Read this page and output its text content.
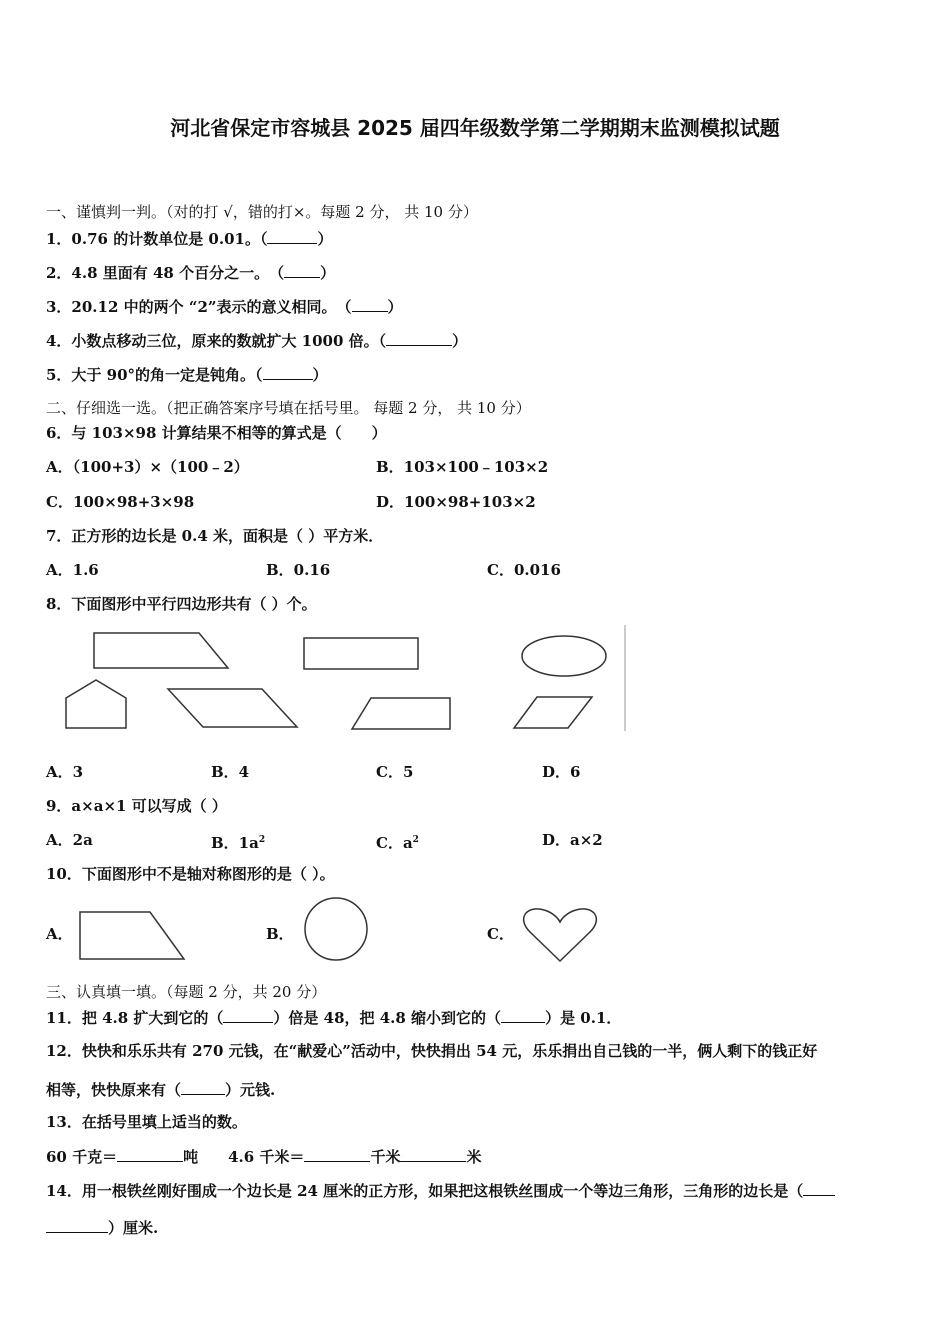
河北省保定市容城县 2025 届四年级数学第二学期期末监测模拟试题
一、谨慎判一判。（对的打 √，错的打×。每题 2 分， 共 10 分）
1．0.76 的计数单位是 0.01。（	）
2．4.8 里面有 48 个百分之一。　（ ）
3．20.12 中的两个 “2”表示的意义相同。　（ ）
4．小数点移动三位，原来的数就扩大 1000 倍。（	）
5．大于 90°的角一定是钝角。（	）
二、仔细选一选。（把正确答案序号填在括号里。 每题 2 分， 共 10 分）
6．与 103×98 计算结果不相等的算式是（　　）
A．（100+3）×（100﹣2）	B．103×100﹣103×2
C．100×98+3×98	D．100×98+103×2
7．正方形的边长是 0.4 米，面积是（ ）平方米．
A．1.6	B．0.16	C．0.016
8．下面图形中平行四边形共有（ ）个。
A．3	B．4	C．5	D．6
9．a×a×1 可以写成（ ）
A．2a	B．$1a^2$	C．$a^2$	D．a×2
10．下面图形中不是轴对称图形的是（ ）。
A．	B．	C．
三、认真填一填。（每题 2 分，共 20 分）
11．把 4.8 扩大到它的（	）倍是 48，把 4.8 缩小到它的（	）是 0.1．
12．快快和乐乐共有 270 元钱，在“献爱心”活动中，快快捐出 54 元，乐乐捐出自己钱的一半，俩人剩下的钱正好
相等，快快原来有（	）元钱.
13．在括号里填上适当的数。
60 千克＝	吨　　4.6 千米＝	千米	米
14．用一根铁丝刚好围成一个边长是 24 厘米的正方形，如果把这根铁丝围成一个等边三角形，三角形的边长是（
）厘米.
